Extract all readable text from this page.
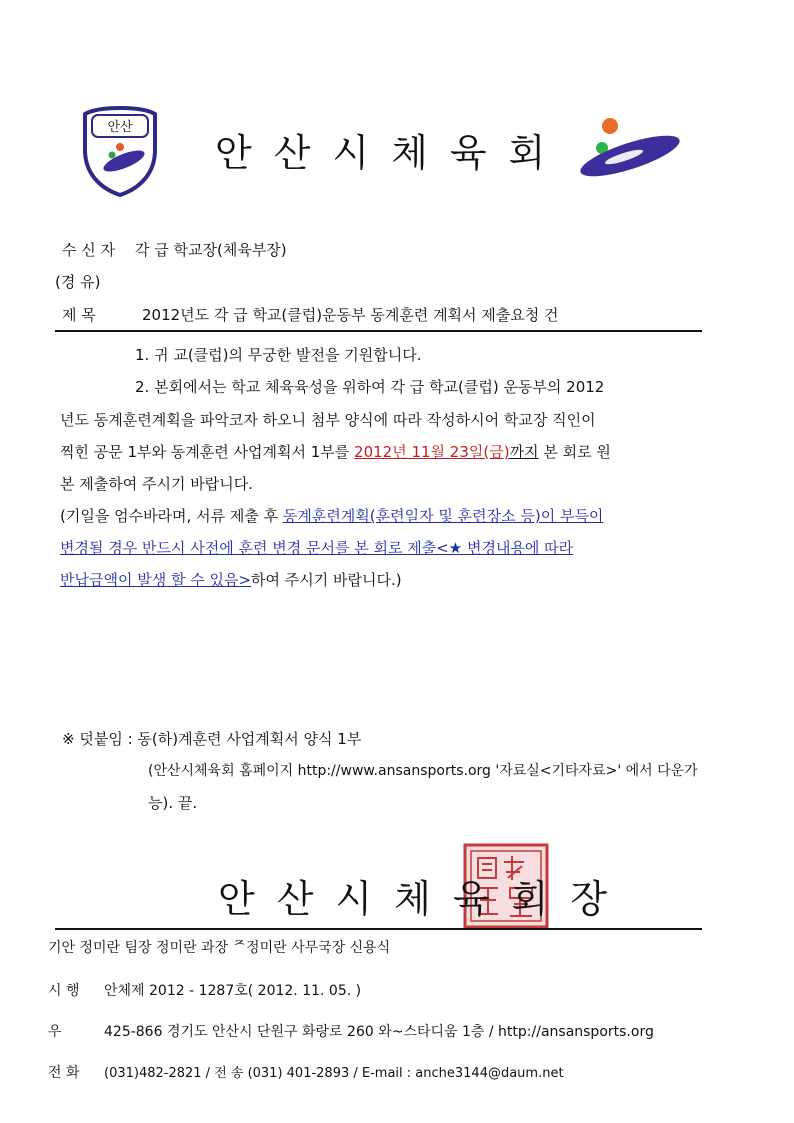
안산
안산시체육회
수 신 자 각 급 학교장(체육부장)
(경 유)
제 목	2012년도 각 급 학교(클럽)운동부 동계훈련 계획서 제출요청 건
1. 귀 교(클럽)의 무궁한 발전을 기원합니다.
2. 본회에서는 학교 체육육성을 위하여 각 급 학교(클럽) 운동부의 2012
년도 동계훈련계획을 파악코자 하오니 첨부 양식에 따라 작성하시어 학교장 직인이
찍힌 공문 1부와 동계훈련 사업계획서 1부를 2012년 11월 23일(금)까지 본 회로 원
본 제출하여 주시기 바랍니다.
(기일을 엄수바라며, 서류 제출 후 동계훈련계획(훈련일자 및 훈련장소 등)이 부득이
변경될 경우 반드시 사전에 훈련 변경 문서를 본 회로 제출<★ 변경내용에 따라
반납금액이 발생 할 수 있음>하여 주시기 바랍니다.)
※ 덧붙임 : 동(하)계훈련 사업계획서 양식 1부
(안산시체육회 홈페이지 http://www.ansansports.org '자료실<기타자료>' 에서 다운가
능). 끝.
안산시체육회장
기안 정미란 팀장 정미란 과장 ᄌ정미란 사무국장 신용식
시 행 안체제 2012 - 1287호( 2012. 11. 05. )
우	425-866 경기도 안산시 단원구 화랑로 260 와~스타디움 1층 / http://ansansports.org
전 화 (031)482-2821 / 전 송 (031) 401-2893 / E-mail : anche3144@daum.net
